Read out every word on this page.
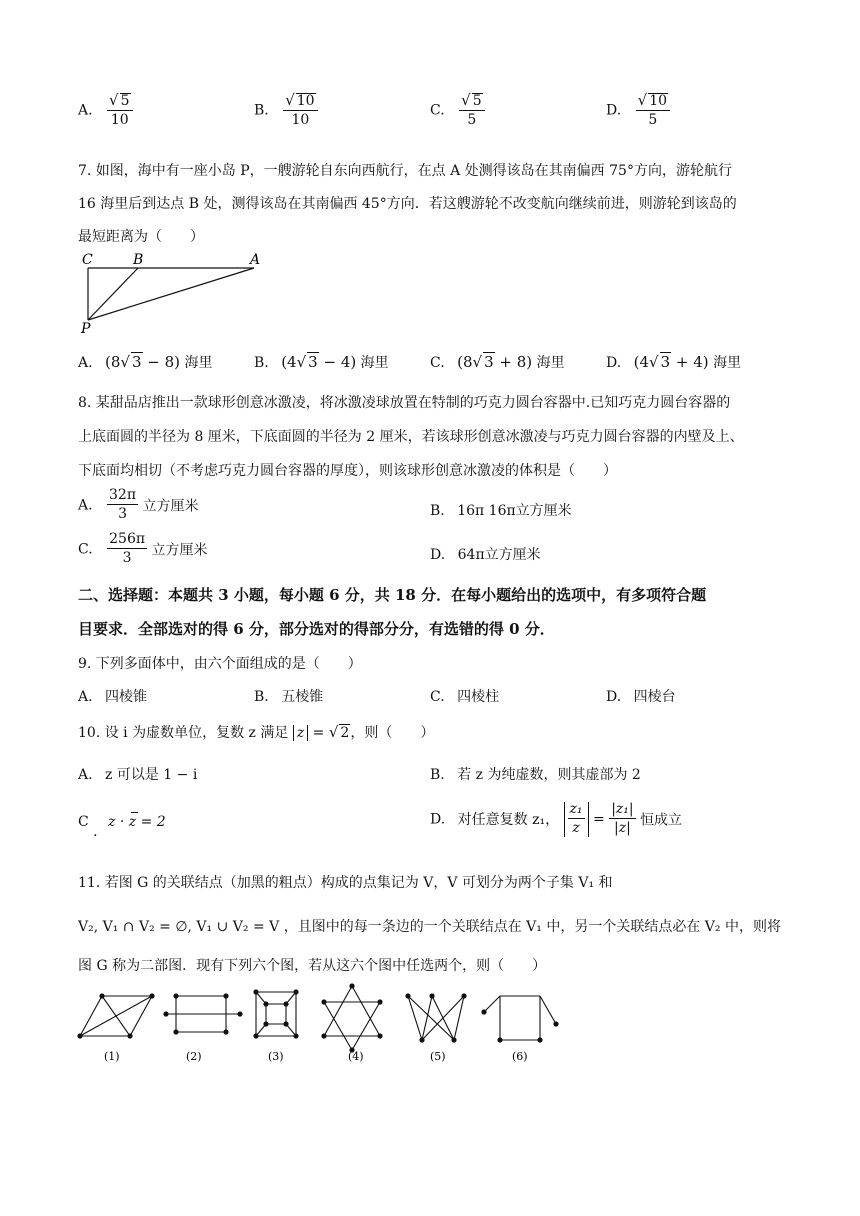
A. $\frac{√ 5}{10}$	B. $\frac{√ 10}{10}$	C. $\frac{√ 5}{5}$	D. $\frac{√ 10}{5}$
7. 如图，海中有一座小岛 P，一艘游轮自东向西航行，在点 A 处测得该岛在其南偏西 75°方向，游轮航行
16 海里后到达点 B 处，测得该岛在其南偏西 45°方向．若这艘游轮不改变航向继续前进，则游轮到该岛的
最短距离为（　　）
C	B	A
P
A. (8√ 3 − 8) 海里	B. (4√ 3 − 4) 海里	C. (8√ 3 + 8) 海里	D. (4√ 3 + 4) 海里
8. 某甜品店推出一款球形创意冰激凌，将冰激凌球放置在特制的巧克力圆台容器中.已知巧克力圆台容器的
上底面圆的半径为 8 厘米，下底面圆的半径为 2 厘米，若该球形创意冰激凌与巧克力圆台容器的内壁及上、
下底面均相切（不考虑巧克力圆台容器的厚度），则该球形创意冰激凌的体积是（　　）
A. $\frac{32\pi}{3}$ 立方厘米	B. 16π 16π立方厘米
C. $\frac{256\pi}{3}$ 立方厘米	D. 64π立方厘米
二、选择题：本题共 3 小题，每小题 6 分，共 18 分．在每小题给出的选项中，有多项符合题
目要求．全部选对的得 6 分，部分选对的得部分分，有选错的得 0 分．
9. 下列多面体中，由六个面组成的是（　　）
A. 四棱锥	B. 五棱锥	C. 四棱柱	D. 四棱台
10. 设 i 为虚数单位，复数 z 满足 z = √ 2，则（　　）
A. z 可以是 1 − i	B. 若 z 为纯虚数，则其虚部为 2
C . z · z = 2	D. 对任意复数 z₁， $\frac{\text{z₁}}{z} = \frac{\text{|z₁|}}{|z|}$ 恒成立
11. 若图 G 的关联结点（加黑的粗点）构成的点集记为 V，V 可划分为两个子集 V₁ 和
V₂, V₁ ∩ V₂ = ∅, V₁ ∪ V₂ = V ，且图中的每一条边的一个关联结点在 V₁ 中，另一个关联结点必在 V₂ 中，则将
图 G 称为二部图．现有下列六个图，若从这六个图中任选两个，则（　　）
(1)	(2)	(3)	(4)	(5)	(6)
